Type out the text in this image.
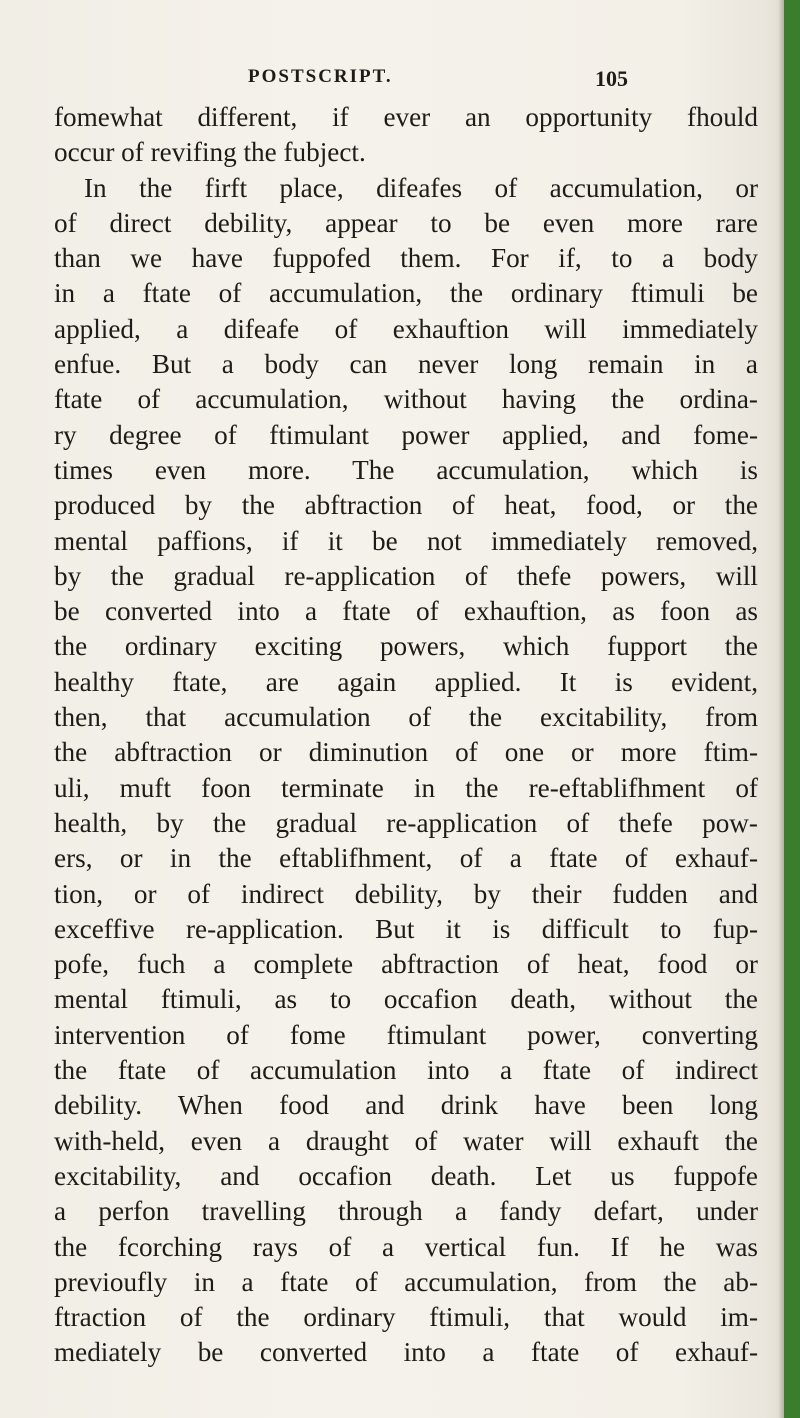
POSTSCRIPT.	105
fomewhat different, if ever an opportunity fhould
occur of revifing the fubject.
In the firft place, difeafes of accumulation, or
of direct debility, appear to be even more rare
than we have fuppofed them. For if, to a body
in a ftate of accumulation, the ordinary ftimuli be
applied, a difeafe of exhauftion will immediately
enfue. But a body can never long remain in a
ftate of accumulation, without having the ordina-
ry degree of ftimulant power applied, and fome-
times even more. The accumulation, which is
produced by the abftraction of heat, food, or the
mental paffions, if it be not immediately removed,
by the gradual re-application of thefe powers, will
be converted into a ftate of exhauftion, as foon as
the ordinary exciting powers, which fupport the
healthy ftate, are again applied. It is evident,
then, that accumulation of the excitability, from
the abftraction or diminution of one or more ftim-
uli, muft foon terminate in the re-eftablifhment of
health, by the gradual re-application of thefe pow-
ers, or in the eftablifhment, of a ftate of exhauf-
tion, or of indirect debility, by their fudden and
exceffive re-application. But it is difficult to fup-
pofe, fuch a complete abftraction of heat, food or
mental ftimuli, as to occafion death, without the
intervention of fome ftimulant power, converting
the ftate of accumulation into a ftate of indirect
debility. When food and drink have been long
with-held, even a draught of water will exhauft the
excitability, and occafion death. Let us fuppofe
a perfon travelling through a fandy defart, under
the fcorching rays of a vertical fun. If he was
previoufly in a ftate of accumulation, from the ab-
ftraction of the ordinary ftimuli, that would im-
mediately be converted into a ftate of exhauf-
